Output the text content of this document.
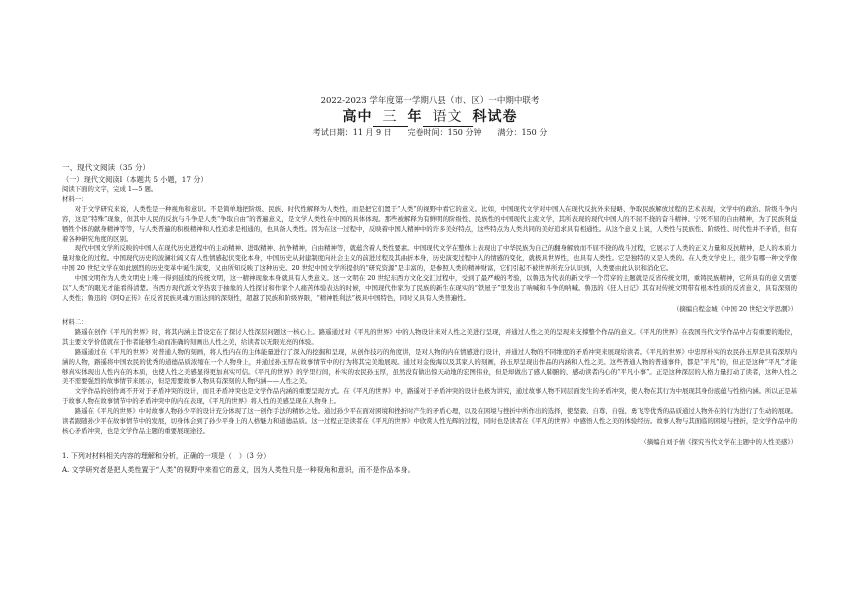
2022-2023 学年度第一学期八县（市、区）一中期中联考
高中 三 年 语文 科试卷
考试日期：11 月 9 日　　完卷时间：150 分钟　　满分：150 分

一、现代文阅读（35 分）

（一）现代文阅读Ⅰ（本题共 5 小题，17 分）

阅读下面的文字，完成 1—5 题。

材料一：

对于文学研究来说，人类性是一种视角和意识。不是简单地把阶级、民族、时代性解释为人类性，而是把它们置于“人类”的视野中看它的意义。比如，中国现代文学对中国人在现代反抗外来侵略、争取民族解放过程的艺术表现，文学中的政治、阶级斗争内容，这是“特殊”现象，但其中人民的反抗与斗争是人类“争取自由”的普遍意义，是文学人类性在中国的具体体现。那些被解释为有鲜明的阶级性、民族性的中国现代主流文学，其所表现的现代中国人的不屈不挠的奋斗精神、宁死不屈的自由精神，为了民族利益牺牲个体的献身精神等等，与人类普遍的积极精神和人性追求是相通的，也具备人类性。因为在这一过程中，反映着中国人精神中的许多美好特点，这些特点为人类共同的美好追求具有相通性。从这个意义上说，人类性与民族性、阶级性、时代性并不矛盾，但有着各种研究角度的区别。

现代中国文学所反映的中国人在现代历史进程中的主动精神、进取精神、抗争精神，自由精神等，就蕴含着人类性要素。中国现代文学在整体上表现出了中华民族为自己的翻身解放而不屈不挠的战斗过程，它展示了人类的正义力量和反抗精神，是人的本质力量对象化的过程。中国现代历史的波澜壮阔又有人性情感起伏变化本身，中国历史从封建制度向社会主义的前进过程及其曲折本身，历史演变过程中人的情感的变化，就极具世界性，也具有人类性。它是独特的又是人类的。在人类文学史上，很少有哪一种文学像中国 20 世纪文学在如此剧烈的历史变革中诞生演变，又由所知反映了这种历史。20 世纪中国文学所提供的“研究资源”是丰富的，是参照人类的精神财富，它们引起不被世界所充分认识到，人类要由此认识和消化它。

中国文明作为人类文明史上唯一得到延续的传统文明，这一精神现象本身就具有人类意义。这一文明在 20 世纪东西方文化交汇过程中，受到了最严峻的考验，以鲁迅为代表的新文学一个贯穿的主题就是反省传统文明，重铸民族精神，它所具有的意义需要以“人类”的眼光才能看得清楚。当西方现代派文学热衷于抽象的人性探讨和作家个人痛苦体验表达的时候，中国现代作家为了民族的新生在现实的“铁屋子”里发出了呐喊和斗争的呐喊。鲁迅的《狂人日记》其有对传统文明带有根本性质的反省意义，具有深刻的人类性；鲁迅的《阿Q正传》在反省民族灵魂方面达到的深刻性，超越了民族和阶级界限，“精神胜利法”极具中国特色，同时又具有人类普遍性。

（摘编自程金城《中国 20 世纪文学思潮》）

材料二：

路遥在创作《平凡的世界》时，将其内涵主旨设定在了探讨人性深层问题这一核心上。路遥通过对《平凡的世界》中的人物设计来对人性之美进行呈现，并通过人性之美的呈现来支撑整个作品的意义。《平凡的世界》在我国当代文学作品中占有重要的地位，其主要文学价值就在于作者能够生动而准确的刻画出人性之美，给读者以无限光亮的体验。

路遥通过在《平凡的世界》对普通人物的刻画，将人性内在的主体能量进行了深入的挖掘和呈现，从创作技巧的角度讲，是对人物的内在情感进行设计，并通过人物的不同维度的矛盾冲突来展现给读者。《平凡的世界》中忠厚朴实的农民孙玉厚是具有深厚内涵的人物，路遥将中国农民的优秀的道德品质浓缩在一个人物身上，并通过孙玉厚在故事情节中的行为将其完美地展现。通过对金俊海以及其家人的刻画，孙玉厚呈现出作品的内涵和人性之美。这些普通人物的普通事件，都是“平凡”的，但正是这种“平凡”才能够真实体现出人性内在的本质，也使人性之美感显得更加真实可信。《平凡的世界》的学里行间，朴实的农民孙玉厚，虽然没有做出惊天动地的宏图伟业，但是却做出了感人肺腑的、感动读者内心的“平凡小事”。正是这种深层的人格力量打动了读者，这种人性之美不需要强烈的故事情节来展示，但是需要故事人物具有深刻的人物内涵——人性之美。

文学作品的创作离不开对于矛盾冲突的设计，而且矛盾冲突也是文学作品内涵的重要呈现方式。在《平凡的世界》中，路遥对于矛盾冲突的设计也极为讲究，通过故事人物不同层面发生的矛盾冲突，使人物在其行为中展现其身份底蕴与性格内涵。所以正是基于故事人物在故事情节中的矛盾冲突中的内在表现，《平凡的世界》将人性的美感呈现在人物身上。

路遥在《平凡的世界》中对故事人物孙少平的设计充分体现了这一创作手法的精妙之处。通过孙少平在面对困境和挫折时产生的矛盾心理，以及在困境与挫折中所作出的选择，使坚毅、自尊、自强、勇飞等优秀的品质通过人物外在的行为进行了生动的展现。读者跟随孙少平在故事情节中的发展，切身体会到了孙少平身上的人格魅力和道德品质。这一过程正是读者在《平凡的世界》中欣赏人性光辉的过程，同时也是读者在《平凡的世界》中感悟人性之美的体验经历。故事人物与其面临的困境与挫折，是文学作品中的核心矛盾冲突，也是文学作品主题的重要展现途径。

（摘编自刘予倩《探究当代文学在主题中的人性美感》）

1. 下列对材料相关内容的理解和分析，正确的一项是（　）（3 分）

A. 文学研究者是把人类性置于“人类”的视野中来看它的意义，因为人类性只是一种视角和意识，而不是作品本身。
